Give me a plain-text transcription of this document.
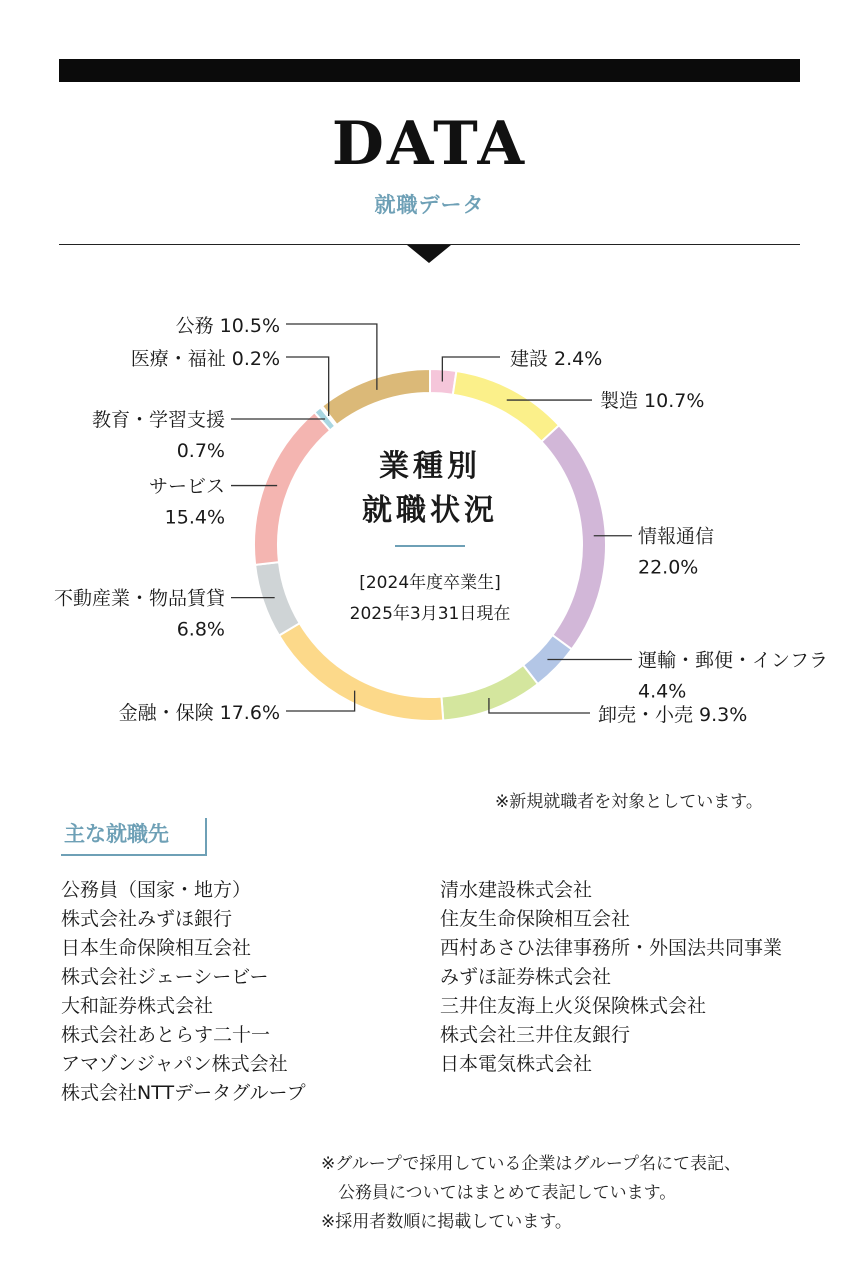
DATA
就職データ
建設 2.4%
製造 10.7%
情報通信 22.0%
運輸・郵便・インフラ 4.4%
卸売・小売 9.3%
金融・保険 17.6%
不動産業・物品賃貸 6.8%
サービス 15.4%
教育・学習支援 0.7%
医療・福祉 0.2%
公務 10.5%
業種別
就職状況
[2024年度卒業生]
2025年3月31日現在
※新規就職者を対象としています。
主な就職先
公務員（国家・地方）
株式会社みずほ銀行
日本生命保険相互会社
株式会社ジェーシービー
大和証券株式会社
株式会社あとらす二十一
アマゾンジャパン株式会社
株式会社NTTデータグループ
清水建設株式会社
住友生命保険相互会社
西村あさひ法律事務所・外国法共同事業
みずほ証券株式会社
三井住友海上火災保険株式会社
株式会社三井住友銀行
日本電気株式会社
※グループで採用している企業はグループ名にて表記、
　公務員についてはまとめて表記しています。
※採用者数順に掲載しています。
